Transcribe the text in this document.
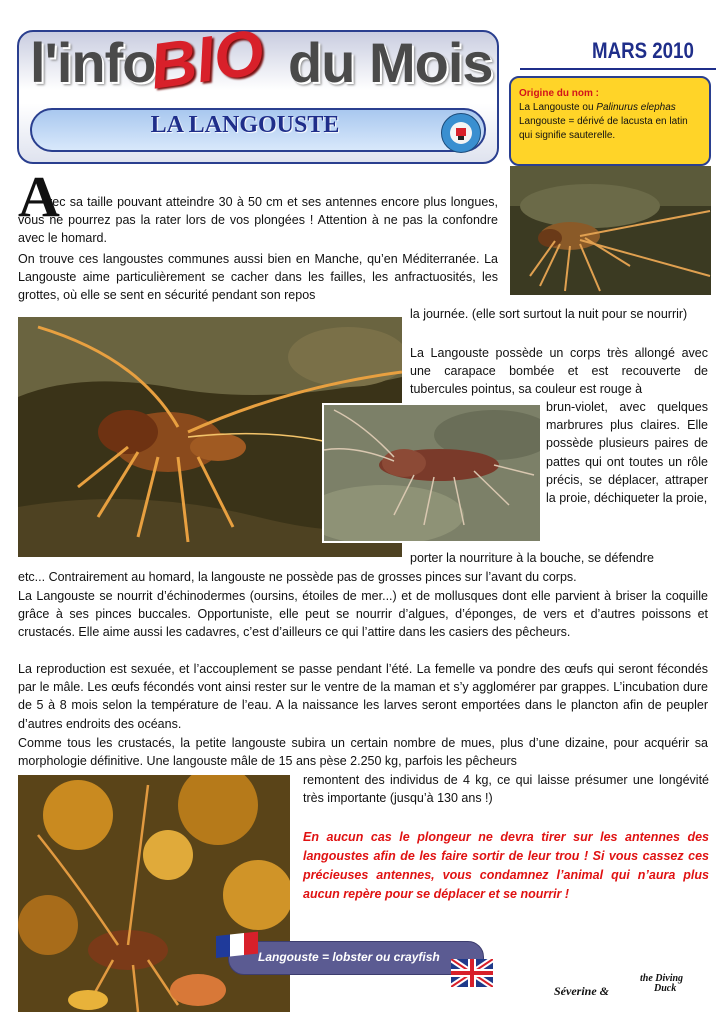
l'info
BIO du Mois
LA LANGOUSTE
MARS 2010
Origine du nom :
La Langouste ou Palinurus elephas
Langouste = dérivé de lacusta en latin qui signifie sauterelle.
A

vec sa taille pouvant atteindre 30 à 50 cm et ses antennes encore plus longues, vous ne pourrez pas la rater lors de vos plongées ! Attention à ne pas la confondre avec le homard.

On trouve ces langoustes communes aussi bien en Manche, qu’en Méditerranée. La Langouste aime particulièrement se cacher dans les failles, les anfractuosités, les grottes, où elle se sent en sécurité pendant son repos

la journée. (elle sort surtout la nuit pour se nourrir)

La Langouste possède un corps très allongé avec une carapace bombée et est recouverte de tubercules pointus, sa couleur est rouge à

brun-violet, avec quelques marbrures plus claires. Elle possède plusieurs paires de pattes qui ont toutes un rôle précis, se déplacer, attraper la proie, déchiqueter la proie,

porter la nourriture à la bouche, se défendre

etc... Contrairement au homard, la langouste ne possède pas de grosses pinces sur l’avant du corps.

La Langouste se nourrit d’échinodermes (oursins, étoiles de mer...) et de mollusques dont elle parvient à briser la coquille grâce à ses pinces buccales. Opportuniste, elle peut se nourrir d’algues, d’éponges, de vers et d’autres poissons et crustacés. Elle aime aussi les cadavres, c’est d’ailleurs ce qui l’attire dans les casiers des pêcheurs.

La reproduction est sexuée, et l’accouplement se passe pendant l’été. La femelle va pondre des œufs qui seront fécondés par le mâle. Les œufs fécondés vont ainsi rester sur le ventre de la maman et s’y agglomérer par grappes. L’incubation dure de 5 à 8 mois selon la température de l’eau. A la naissance les larves seront emportées dans le plancton afin de peupler d’autres endroits des océans.

Comme tous les crustacés, la petite langouste subira un certain nombre de mues, plus d’une dizaine, pour acquérir sa morphologie définitive. Une langouste mâle de 15 ans pèse 2.250 kg, parfois les pêcheurs

remontent des individus de 4 kg, ce qui laisse présumer une longévité très importante (jusqu’à 130 ans !)

En aucun cas le plongeur ne devra tirer sur les antennes des langoustes afin de les faire sortir de leur trou ! Si vous cassez ces précieuses antennes, vous condamnez l’animal qui n’aura plus aucun repère pour se déplacer et se nourrir !

Langouste = lobster ou crayfish
Séverine &
the Diving
Duck
